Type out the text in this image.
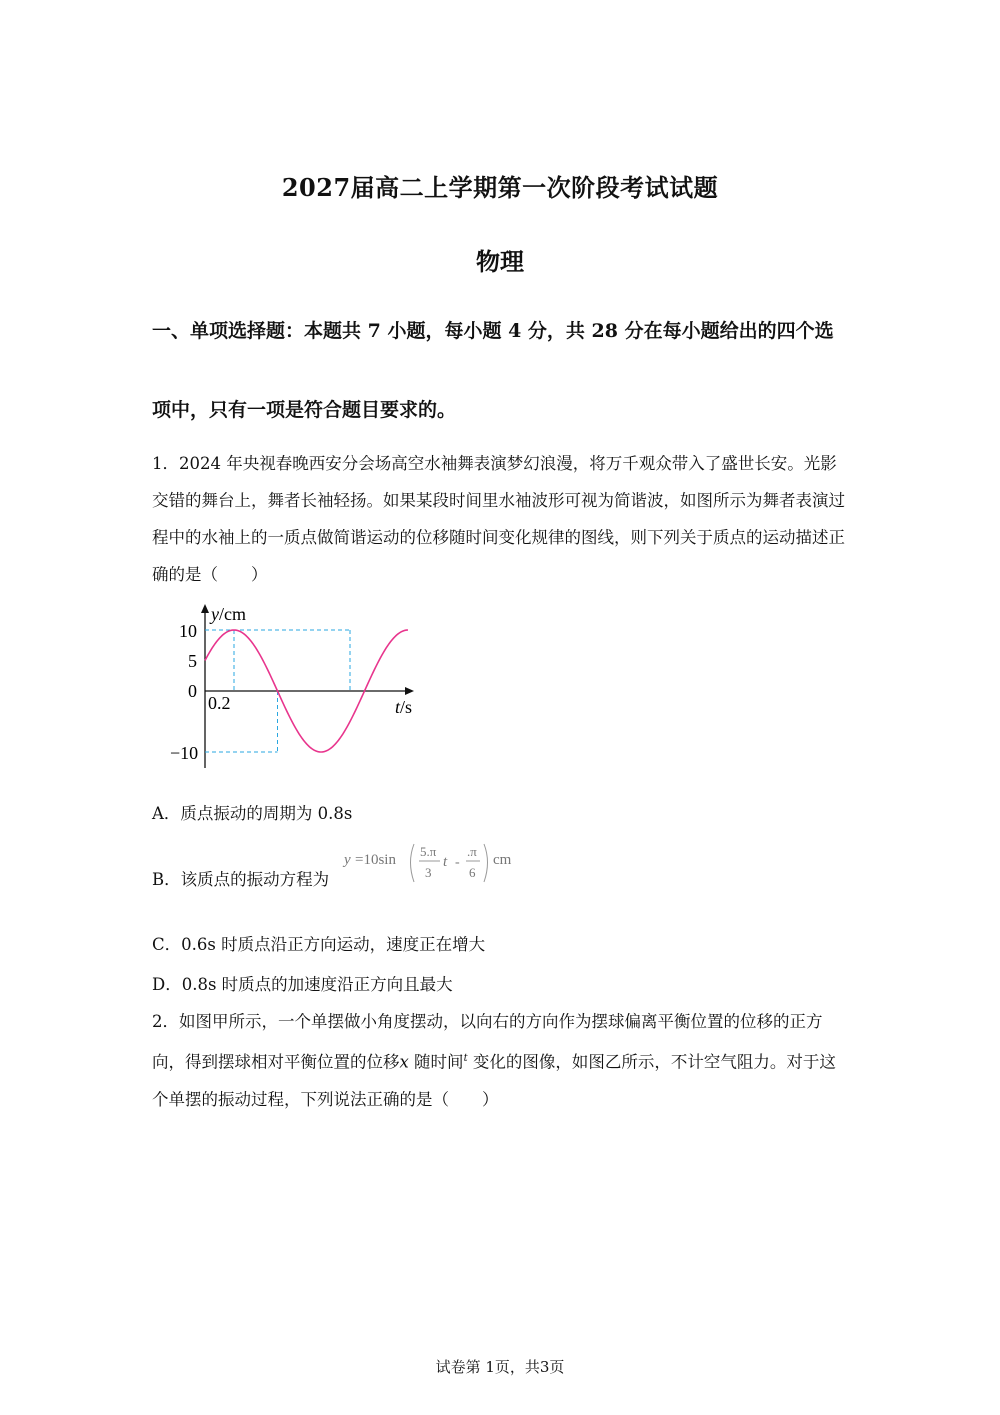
2027届高二上学期第一次阶段考试试题
物理
一、单项选择题：本题共 7 小题，每小题 4 分，共 28 分在每小题给出的四个选
项中，只有一项是符合题目要求的。
1．2024 年央视春晚西安分会场高空水袖舞表演梦幻浪漫，将万千观众带入了盛世长安。光影交错的舞台上，舞者长袖轻扬。如果某段时间里水袖波形可视为简谐波，如图所示为舞者表演过程中的水袖上的一质点做简谐运动的位移随时间变化规律的图线，则下列关于质点的运动描述正确的是（　　）
y/cm
10
5
0
−10
0.2	t/s
A．质点振动的周期为 0.8s
B．该质点的振动方程为
y =10sin
5.π
3
t -
.π
6
cm
C．0.6s 时质点沿正方向运动，速度正在增大
D．0.8s 时质点的加速度沿正方向且最大
2．如图甲所示，一个单摆做小角度摆动，以向右的方向作为摆球偏离平衡位置的位移的正方向，得到摆球相对平衡位置的位移x 随时间$^t$ 变化的图像，如图乙所示，不计空气阻力。对于这个单摆的振动过程，下列说法正确的是（　　）
试卷第 1页，共3页
